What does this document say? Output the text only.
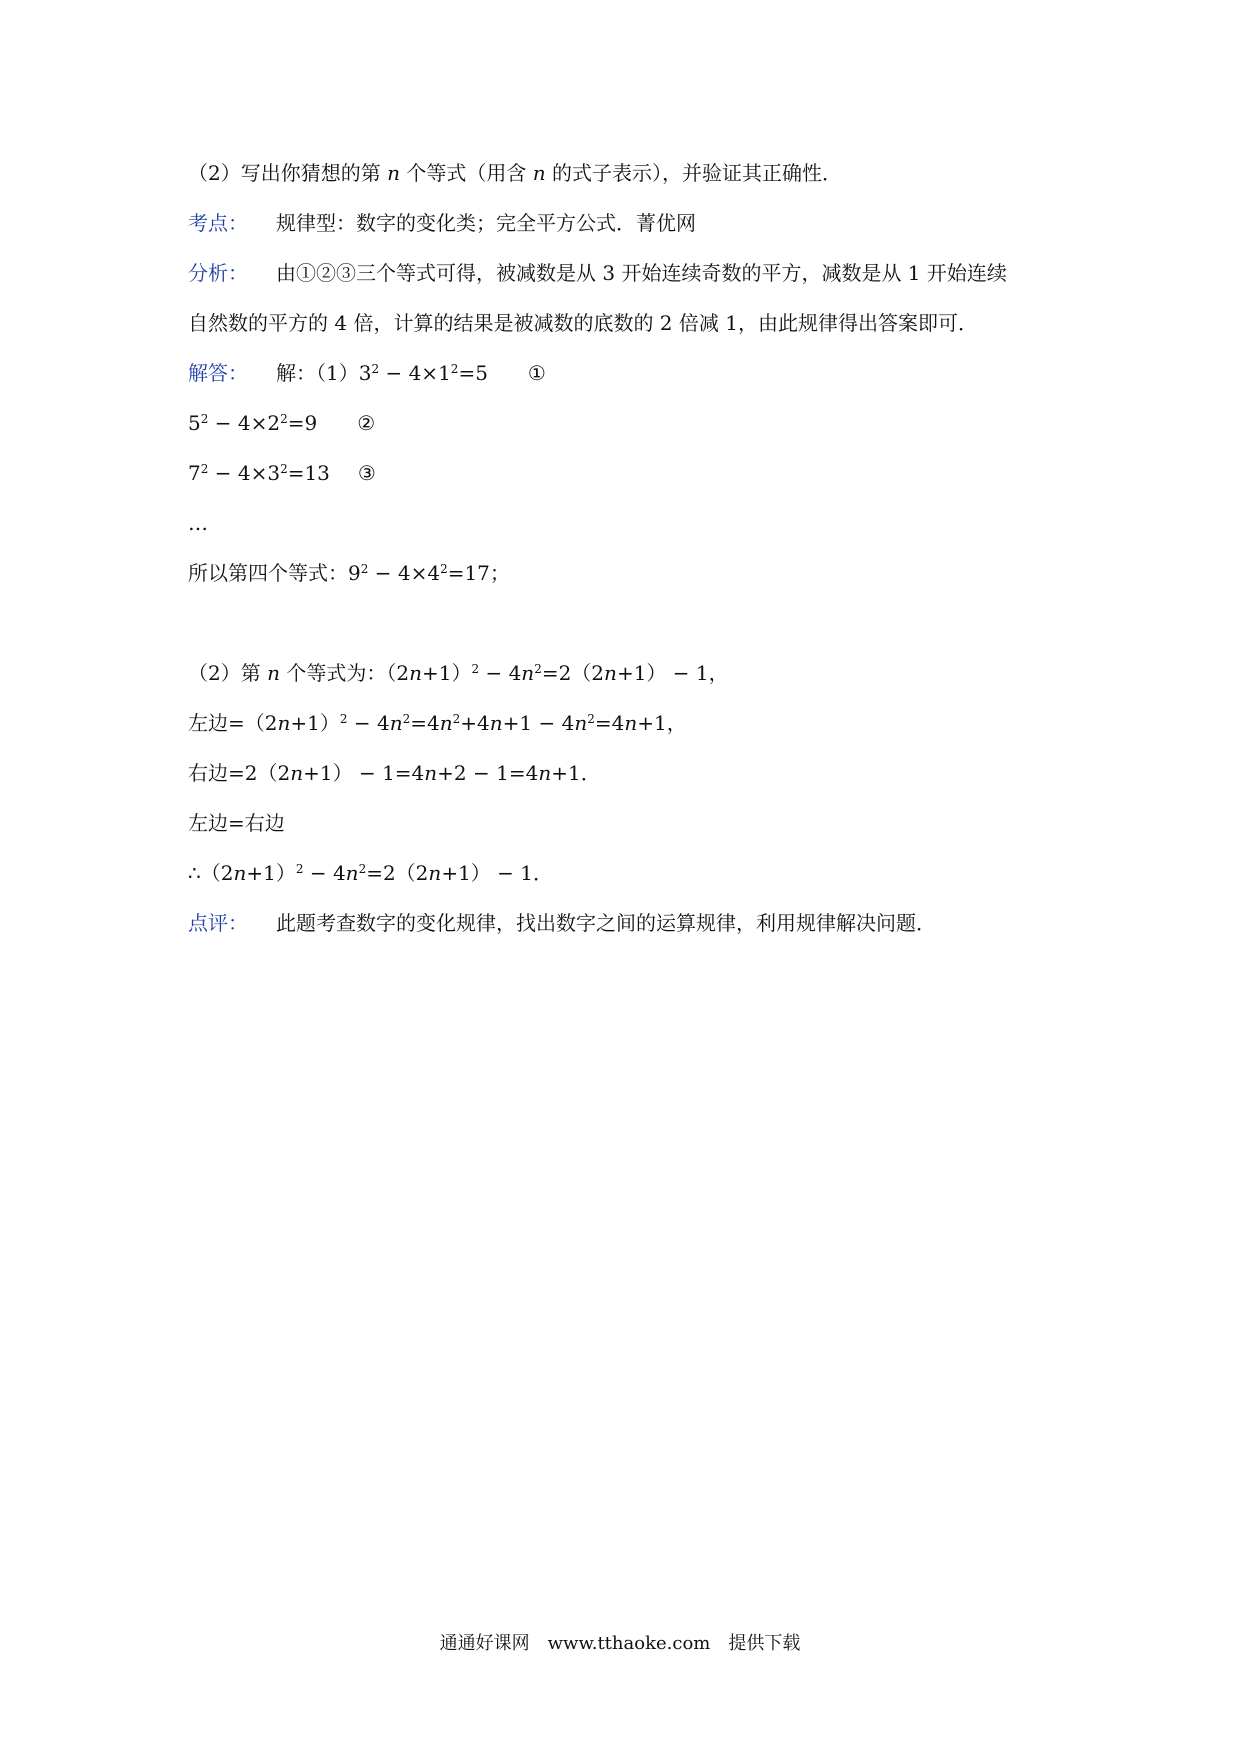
（2）写出你猜想的第 n 个等式（用含 n 的式子表示），并验证其正确性．
考点： 规律型：数字的变化类；完全平方公式．菁优网
分析： 由①②③三个等式可得，被减数是从 3 开始连续奇数的平方，减数是从 1 开始连续
自然数的平方的 4 倍，计算的结果是被减数的底数的 2 倍减 1，由此规律得出答案即可．
解答： 解：$(1)3^2 - 4\times 1^2=5$ ①
$5^2 - 4\times 2^2=9$ ②
$7^2 - 4\times 3^2=13$ ③
…
所以第四个等式：$9^2 - 4\times 4^2=17$；
（2）第 n 个等式为：$(2n+1)^2 - 4n^2=2(2n+1) - 1$，
左边$=(2n+1)^2 - 4n^2=4n^2+4n+1 - 4n^2=4n+1$，
右边=2（2n+1） − 1=4n+2 − 1=4n+1．
左边=右边
$\therefore(2n+1)^2 - 4n^2=2(2n+1) - 1$．
点评： 此题考查数字的变化规律，找出数字之间的运算规律，利用规律解决问题．
通通好课网　www.tthaoke.com　提供下载
